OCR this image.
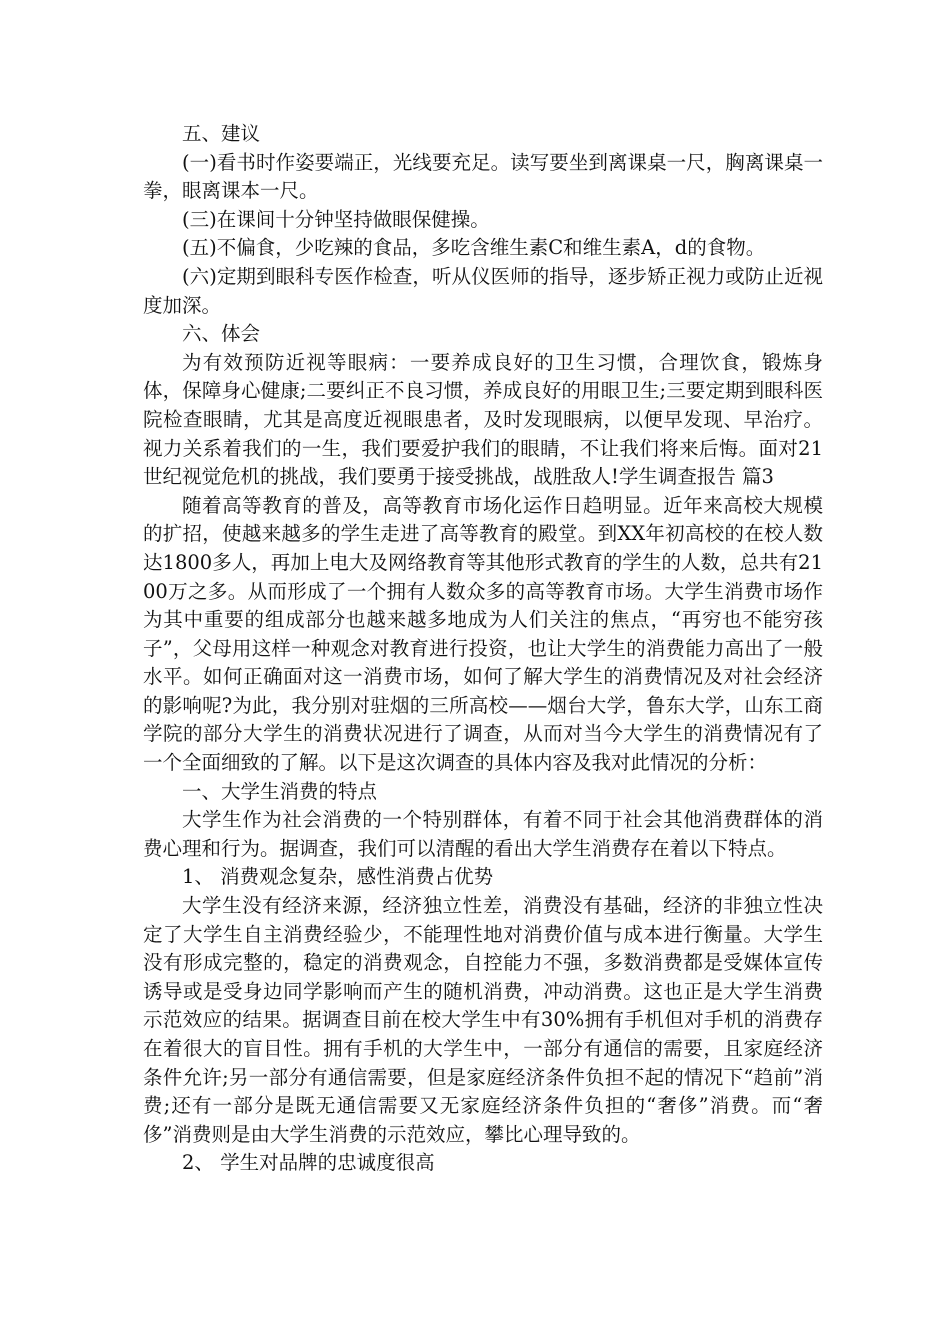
五、建议

(一)看书时作姿要端正，光线要充足。读写要坐到离课桌一尺，胸离课桌一拳，眼离课本一尺。

(三)在课间十分钟坚持做眼保健操。

(五)不偏食，少吃辣的食品，多吃含维生素C和维生素A，d的食物。

(六)定期到眼科专医作检查，听从仪医师的指导，逐步矫正视力或防止近视度加深。

六、体会

为有效预防近视等眼病：一要养成良好的卫生习惯，合理饮食，锻炼身体，保障身心健康;二要纠正不良习惯，养成良好的用眼卫生;三要定期到眼科医院检查眼睛，尤其是高度近视眼患者，及时发现眼病，以便早发现、早治疗。视力关系着我们的一生，我们要爱护我们的眼睛，不让我们将来后悔。面对21世纪视觉危机的挑战，我们要勇于接受挑战，战胜敌人!学生调查报告 篇3

随着高等教育的普及，高等教育市场化运作日趋明显。近年来高校大规模的扩招，使越来越多的学生走进了高等教育的殿堂。到XX年初高校的在校人数达1800多人，再加上电大及网络教育等其他形式教育的学生的人数，总共有2100万之多。从而形成了一个拥有人数众多的高等教育市场。大学生消费市场作为其中重要的组成部分也越来越多地成为人们关注的焦点，“再穷也不能穷孩子”，父母用这样一种观念对教育进行投资，也让大学生的消费能力高出了一般水平。如何正确面对这一消费市场，如何了解大学生的消费情况及对社会经济的影响呢?为此，我分别对驻烟的三所高校——烟台大学，鲁东大学，山东工商学院的部分大学生的消费状况进行了调查，从而对当今大学生的消费情况有了一个全面细致的了解。以下是这次调查的具体内容及我对此情况的分析：

一、大学生消费的特点

大学生作为社会消费的一个特别群体，有着不同于社会其他消费群体的消费心理和行为。据调查，我们可以清醒的看出大学生消费存在着以下特点。

1、 消费观念复杂，感性消费占优势

大学生没有经济来源，经济独立性差，消费没有基础，经济的非独立性决定了大学生自主消费经验少，不能理性地对消费价值与成本进行衡量。大学生没有形成完整的，稳定的消费观念，自控能力不强，多数消费都是受媒体宣传诱导或是受身边同学影响而产生的随机消费，冲动消费。这也正是大学生消费示范效应的结果。据调查目前在校大学生中有30%拥有手机但对手机的消费存在着很大的盲目性。拥有手机的大学生中，一部分有通信的需要，且家庭经济条件允许;另一部分有通信需要，但是家庭经济条件负担不起的情况下“趋前”消费;还有一部分是既无通信需要又无家庭经济条件负担的“奢侈”消费。而“奢侈”消费则是由大学生消费的示范效应，攀比心理导致的。

2、 学生对品牌的忠诚度很高
